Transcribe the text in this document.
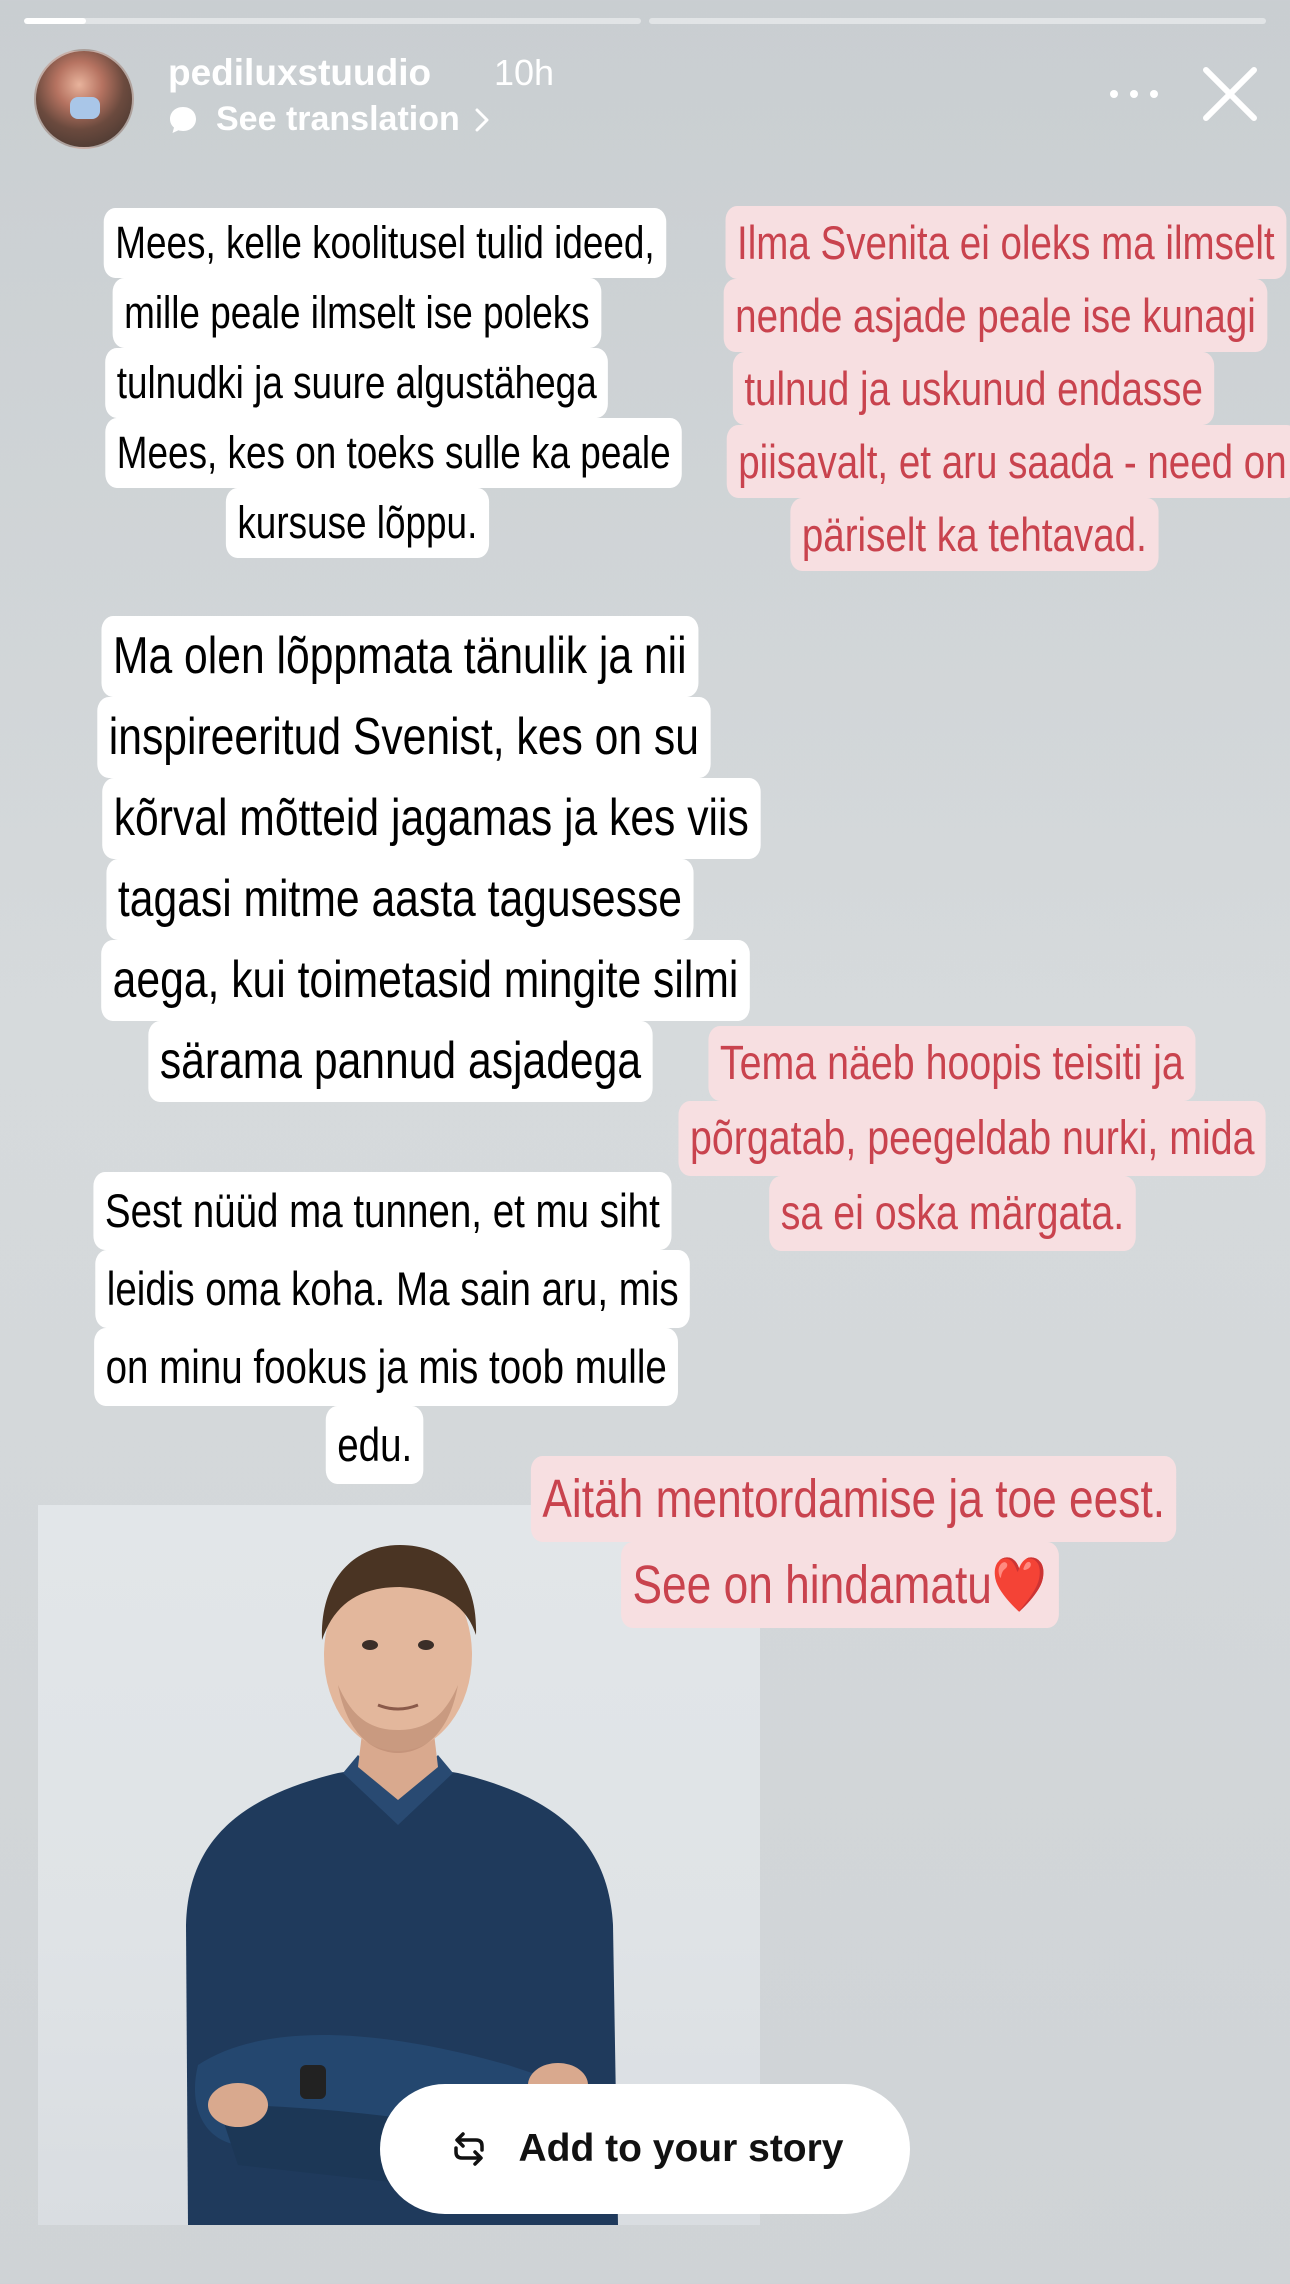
pediluxstuudio 10h
See translation
Mees, kelle koolitusel tulid ideed,
mille peale ilmselt ise poleks
tulnudki ja suure algustähega
Mees, kes on toeks sulle ka peale
kursuse lõppu.
Ilma Svenita ei oleks ma ilmselt
nende asjade peale ise kunagi
tulnud ja uskunud endasse
piisavalt, et aru saada - need on
päriselt ka tehtavad.
Ma olen lõppmata tänulik ja nii
inspireeritud Svenist, kes on su
kõrval mõtteid jagamas ja kes viis
tagasi mitme aasta tagusesse
aega, kui toimetasid mingite silmi
särama pannud asjadega	Tema näeb hoopis teisiti ja
põrgatab, peegeldab nurki, mida
sa ei oska märgata.
Sest nüüd ma tunnen, et mu siht
leidis oma koha. Ma sain aru, mis
on minu fookus ja mis toob mulle
edu.
Aitäh mentordamise ja toe eest.
See on hindamatu❤️
Add to your story
